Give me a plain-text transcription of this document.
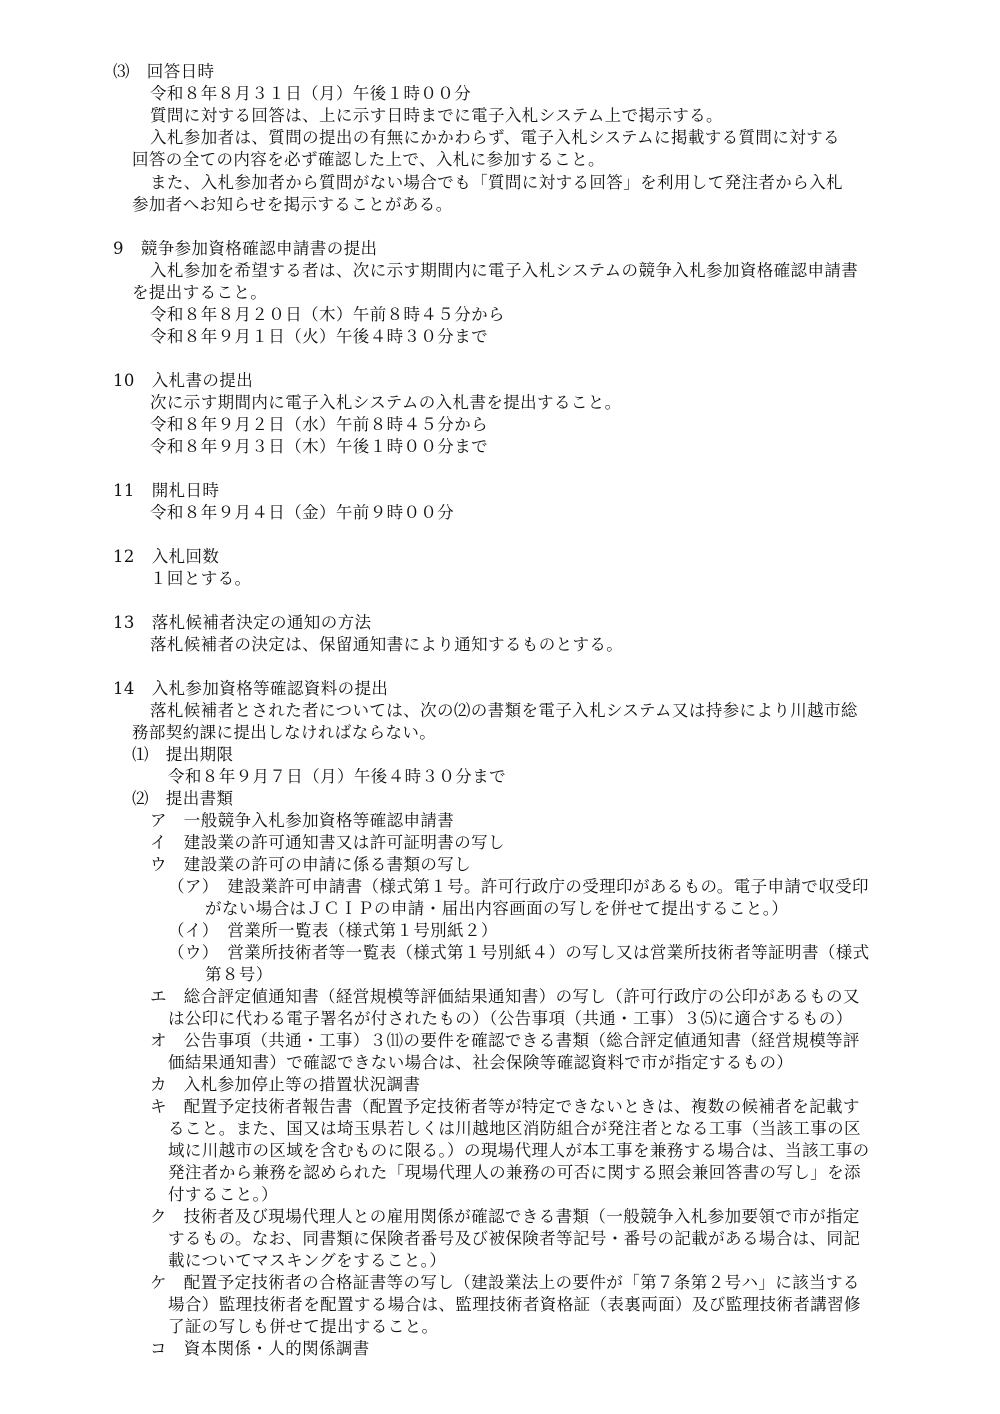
⑶　回答日時
令和８年８月３１日（月）午後１時００分
質問に対する回答は、上に示す日時までに電子入札システム上で掲示する。
入札参加者は、質問の提出の有無にかかわらず、電子入札システムに掲載する質問に対する
回答の全ての内容を必ず確認した上で、入札に参加すること。
また、入札参加者から質問がない場合でも「質問に対する回答」を利用して発注者から入札
参加者へお知らせを掲示することがある。
9　競争参加資格確認申請書の提出
入札参加を希望する者は、次に示す期間内に電子入札システムの競争入札参加資格確認申請書
を提出すること。
令和８年８月２０日（木）午前８時４５分から
令和８年９月１日（火）午後４時３０分まで
10　入札書の提出
次に示す期間内に電子入札システムの入札書を提出すること。
令和８年９月２日（水）午前８時４５分から
令和８年９月３日（木）午後１時００分まで
11　開札日時
令和８年９月４日（金）午前９時００分
12　入札回数
１回とする。
13　落札候補者決定の通知の方法
落札候補者の決定は、保留通知書により通知するものとする。
14　入札参加資格等確認資料の提出
落札候補者とされた者については、次の⑵の書類を電子入札システム又は持参により川越市総
務部契約課に提出しなければならない。
⑴　提出期限
令和８年９月７日（月）午後４時３０分まで
⑵　提出書類
ア　一般競争入札参加資格等確認申請書
イ　建設業の許可通知書又は許可証明書の写し
ウ　建設業の許可の申請に係る書類の写し
（ア）　建設業許可申請書（様式第１号。許可行政庁の受理印があるもの。電子申請で収受印
がない場合はＪＣＩＰの申請・届出内容画面の写しを併せて提出すること。）
（イ）　営業所一覧表（様式第１号別紙２）
（ウ）　営業所技術者等一覧表（様式第１号別紙４）の写し又は営業所技術者等証明書（様式
第８号）
エ　総合評定値通知書（経営規模等評価結果通知書）の写し（許可行政庁の公印があるもの又
は公印に代わる電子署名が付されたもの）（公告事項（共通・工事）３⑸に適合するもの）
オ　公告事項（共通・工事）３⑾の要件を確認できる書類（総合評定値通知書（経営規模等評
価結果通知書）で確認できない場合は、社会保険等確認資料で市が指定するもの）
カ　入札参加停止等の措置状況調書
キ　配置予定技術者報告書（配置予定技術者等が特定できないときは、複数の候補者を記載す
ること。また、国又は埼玉県若しくは川越地区消防組合が発注者となる工事（当該工事の区
域に川越市の区域を含むものに限る。）の現場代理人が本工事を兼務する場合は、当該工事の
発注者から兼務を認められた「現場代理人の兼務の可否に関する照会兼回答書の写し」を添
付すること。）
ク　技術者及び現場代理人との雇用関係が確認できる書類（一般競争入札参加要領で市が指定
するもの。なお、同書類に保険者番号及び被保険者等記号・番号の記載がある場合は、同記
載についてマスキングをすること。）
ケ　配置予定技術者の合格証書等の写し（建設業法上の要件が「第７条第２号ハ」に該当する
場合）監理技術者を配置する場合は、監理技術者資格証（表裏両面）及び監理技術者講習修
了証の写しも併せて提出すること。
コ　資本関係・人的関係調書
